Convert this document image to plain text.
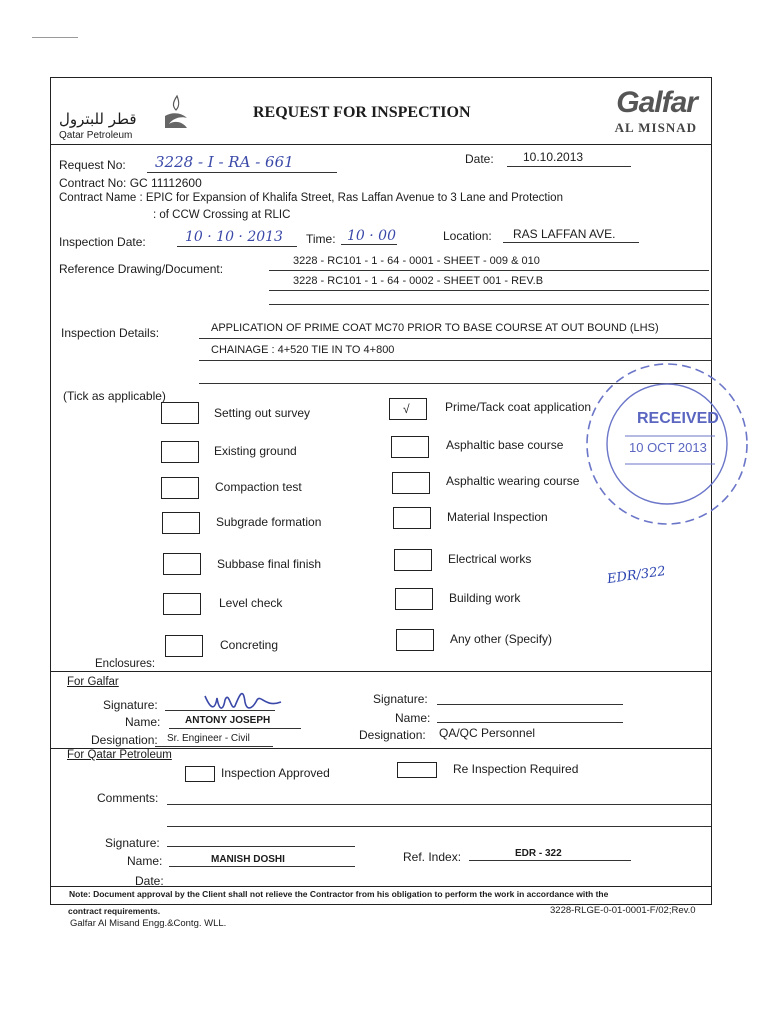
قطر للبترول
Qatar Petroleum
REQUEST FOR INSPECTION	Galfar
AL MISNAD
Request No: 3228 - I - RA - 661	Date: 10.10.2013
Contract No: GC 11112600
Contract Name : EPIC for Expansion of Khalifa Street, Ras Laffan Avenue to 3 Lane and Protection
: of CCW Crossing at RLIC
Inspection Date:	10 · 10 · 2013 Time: 10 · 00	Location: RAS LAFFAN AVE.
Reference Drawing/Document:
3228 - RC101 - 1 - 64 - 0001 - SHEET - 009 & 010
3228 - RC101 - 1 - 64 - 0002 - SHEET 001 - REV.B
Inspection Details:	APPLICATION OF PRIME COAT MC70 PRIOR TO BASE COURSE AT OUT BOUND (LHS)
CHAINAGE : 4+520 TIE IN TO 4+800
(Tick as applicable)
Setting out survey
Existing ground
Compaction test
Subgrade formation
Subbase final finish
Level check
Concreting
√	Prime/Tack coat application
Asphaltic base course
Asphaltic wearing course
Material Inspection
Electrical works
Building work
Any other (Specify)
RECEIVED
10 OCT 2013
EDR/322
Enclosures:
For Galfar
Signature:
Name: ANTONY JOSEPH
Designation: Sr. Engineer - Civil
Signature:
Name:
Designation: QA/QC Personnel
For Qatar Petroleum
Inspection Approved	Re Inspection Required
Comments:
Signature:
Name:	MANISH DOSHI
Date:
Ref. Index:	EDR - 322
Note: Document approval by the Client shall not relieve the Contractor from his obligation to perform the work in accordance with the
contract requirements.
Galfar Al Misand Engg.&Contg. WLL.
3228-RLGE-0-01-0001-F/02;Rev.0
